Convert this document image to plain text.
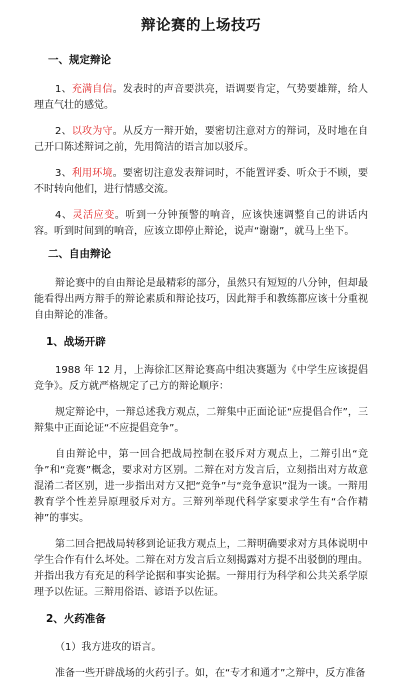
辩论赛的上场技巧
一、规定辩论

1、充满自信。发表时的声音要洪亮，语调要肯定，气势要雄辩，给人理直气壮的感觉。

2、以攻为守。从反方一辩开始，要密切注意对方的辩词，及时地在自己开口陈述辩词之前，先用简洁的语言加以驳斥。

3、利用环境。要密切注意发表辩词时，不能置评委、听众于不顾，要不时转向他们，进行情感交流。

4、灵活应变。听到一分钟预警的响音，应该快速调整自己的讲话内容。听到时间到的响音，应该立即停止辩论，说声“谢谢”，就马上坐下。

二、自由辩论

辩论赛中的自由辩论是最精彩的部分，虽然只有短短的八分钟，但却最能看得出两方辩手的辩论素质和辩论技巧，因此辩手和教练都应该十分重视自由辩论的准备。

1、战场开辟

1988 年 12 月，上海徐汇区辩论赛高中组决赛题为《中学生应该提倡竞争》。反方就严格规定了己方的辩论顺序：

规定辩论中，一辩总述我方观点，二辩集中正面论证“应提倡合作”，三辩集中正面论证“不应提倡竞争”。

自由辩论中，第一回合把战局控制在驳斥对方观点上，二辩引出“竞争”和“竞赛”概念，要求对方区别。二辩在对方发言后，立刻指出对方故意混淆二者区别，进一步指出对方又把“竞争”与“竞争意识”混为一谈。一辩用教育学个性差异原理驳斥对方。三辩列举现代科学家要求学生有“合作精神”的事实。

第二回合把战局转移到论证我方观点上，二辩明确要求对方具体说明中学生合作有什么坏处。二辩在对方发言后立刻揭露对方提不出驳倒的理由。并指出我方有充足的科学论据和事实论据。一辩用行为科学和公共关系学原理予以佐证。三辩用俗语、谚语予以佐证。

2、火药准备

（1）我方进攻的语言。

准备一些开辟战场的火药引子。如，在“专才和通才”之辩中，反方准备
